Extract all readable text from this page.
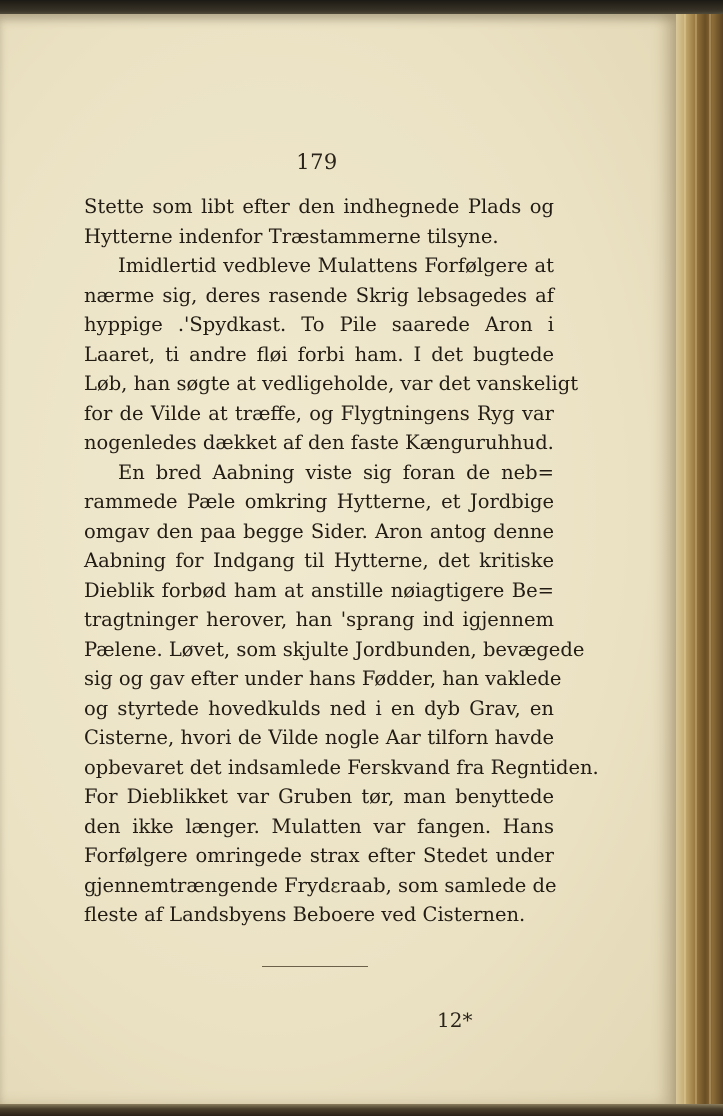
179
Stette som libt efter den indhegnede Plads og
Hytterne indenfor Træstammerne tilsyne.
Imidlertid vedbleve Mulattens Forfølgere at
nærme sig, deres rasende Skrig lebsagedes af
hyppige .'Spydkast. To Pile saarede Aron i
Laaret, ti andre fløi forbi ham. I det bugtede
Løb, han søgte at vedligeholde, var det vanskeligt
for de Vilde at træffe, og Flygtningens Ryg var
nogenledes dækket af den faste Kænguruhhud.
En bred Aabning viste sig foran de neb=
rammede Pæle omkring Hytterne, et Jordbige
omgav den paa begge Sider. Aron antog denne
Aabning for Indgang til Hytterne, det kritiske
Dieblik forbød ham at anstille nøiagtigere Be=
tragtninger herover, han 'sprang ind igjennem
Pælene. Løvet, som skjulte Jordbunden, bevægede
sig og gav efter under hans Fødder, han vaklede
og styrtede hovedkulds ned i en dyb Grav, en
Cisterne, hvori de Vilde nogle Aar tilforn havde
opbevaret det indsamlede Ferskvand fra Regntiden.
For Dieblikket var Gruben tør, man benyttede
den ikke længer. Mulatten var fangen. Hans
Forfølgere omringede strax efter Stedet under
gjennemtrængende Frydεraab, som samlede de
fleste af Landsbyens Beboere ved Cisternen.
12*
